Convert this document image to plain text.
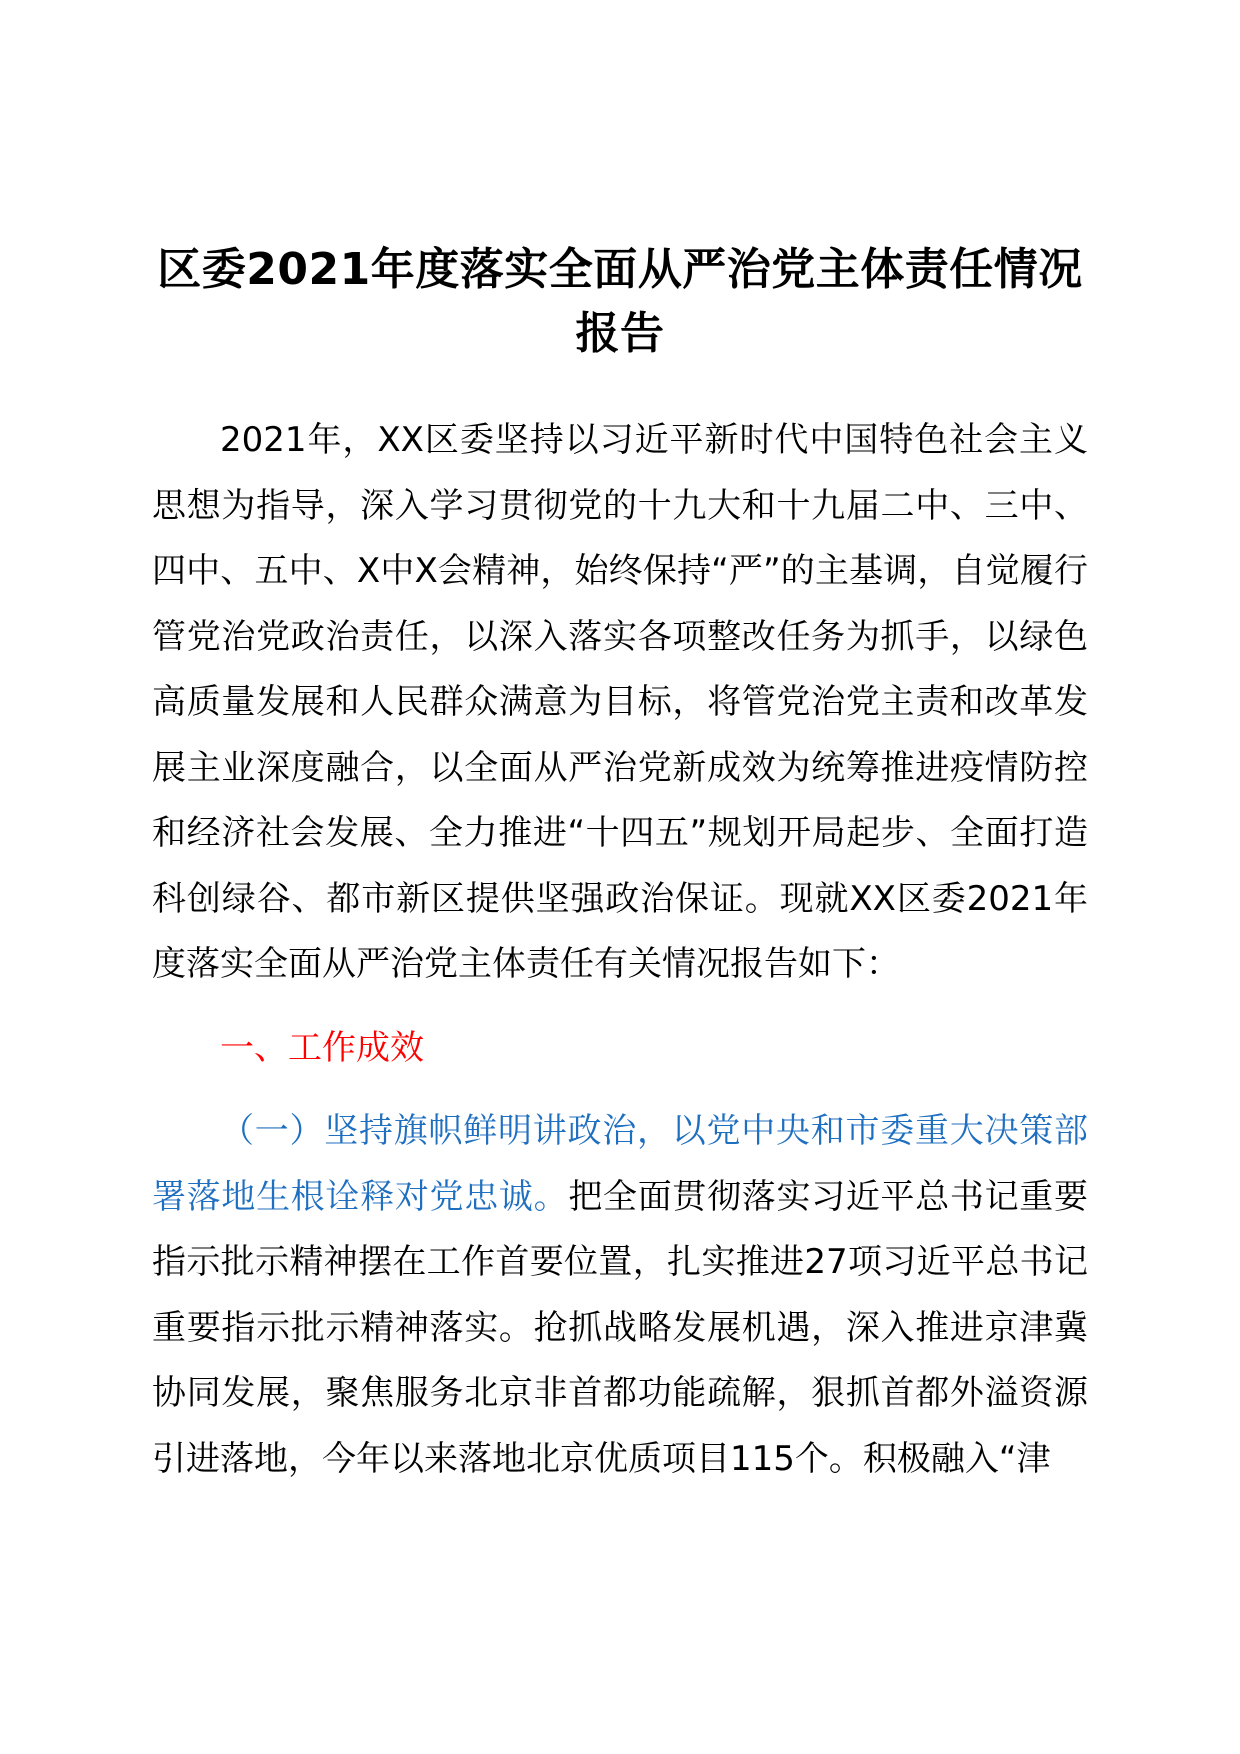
区委2021年度落实全面从严治党主体责任情况报告

2021年，XX区委坚持以习近平新时代中国特色社会主义思想为指导，深入学习贯彻党的十九大和十九届二中、三中、四中、五中、X中X会精神，始终保持“严”的主基调，自觉履行管党治党政治责任，以深入落实各项整改任务为抓手，以绿色高质量发展和人民群众满意为目标，将管党治党主责和改革发展主业深度融合，以全面从严治党新成效为统筹推进疫情防控和经济社会发展、全力推进“十四五”规划开局起步、全面打造科创绿谷、都市新区提供坚强政治保证。现就XX区委2021年度落实全面从严治党主体责任有关情况报告如下：

一、工作成效

（一）坚持旗帜鲜明讲政治，以党中央和市委重大决策部署落地生根诠释对党忠诚。把全面贯彻落实习近平总书记重要指示批示精神摆在工作首要位置，扎实推进27项习近平总书记重要指示批示精神落实。抢抓战略发展机遇，深入推进京津冀协同发展，聚焦服务北京非首都功能疏解，狠抓首都外溢资源引进落地，今年以来落地北京优质项目115个。积极融入“津
